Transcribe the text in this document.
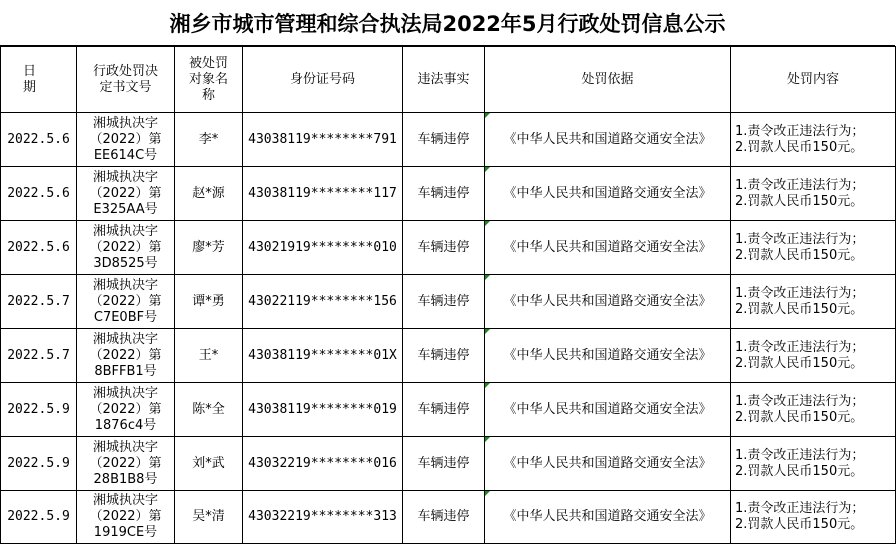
湘乡市城市管理和综合执法局2022年5月行政处罚信息公示
日　期	行政处罚决
定书文号	被处罚
对象名
称	身份证号码	违法事实	处罚依据	处罚内容
2022.5.6	湘城执决字
（2022）第
EE614C号	李*	43038119********791	车辆违停	《中华人民共和国道路交通安全法》	1.责令改正违法行为；
2.罚款人民币150元。

2022.5.6	湘城执决字
（2022）第
E325AA号	赵*源	43038119********117	车辆违停	《中华人民共和国道路交通安全法》	1.责令改正违法行为；
2.罚款人民币150元。

2022.5.6	湘城执决字
（2022）第
3D8525号	廖*芳	43021919********010	车辆违停	《中华人民共和国道路交通安全法》	1.责令改正违法行为；
2.罚款人民币150元。

2022.5.7	湘城执决字
（2022）第
C7E0BF号	谭*勇	43022119********156	车辆违停	《中华人民共和国道路交通安全法》	1.责令改正违法行为；
2.罚款人民币150元。

2022.5.7	湘城执决字
（2022）第
8BFFB1号	王*	43038119********01X	车辆违停	《中华人民共和国道路交通安全法》	1.责令改正违法行为；
2.罚款人民币150元。

2022.5.9	湘城执决字
（2022）第
1876c4号	陈*全	43038119********019	车辆违停	《中华人民共和国道路交通安全法》	1.责令改正违法行为；
2.罚款人民币150元。

2022.5.9	湘城执决字
（2022）第
28B1B8号	刘*武	43032219********016	车辆违停	《中华人民共和国道路交通安全法》	1.责令改正违法行为；
2.罚款人民币150元。

2022.5.9	湘城执决字
（2022）第
1919CE号	吴*清	43032219********313	车辆违停	《中华人民共和国道路交通安全法》	1.责令改正违法行为；
2.罚款人民币150元。
